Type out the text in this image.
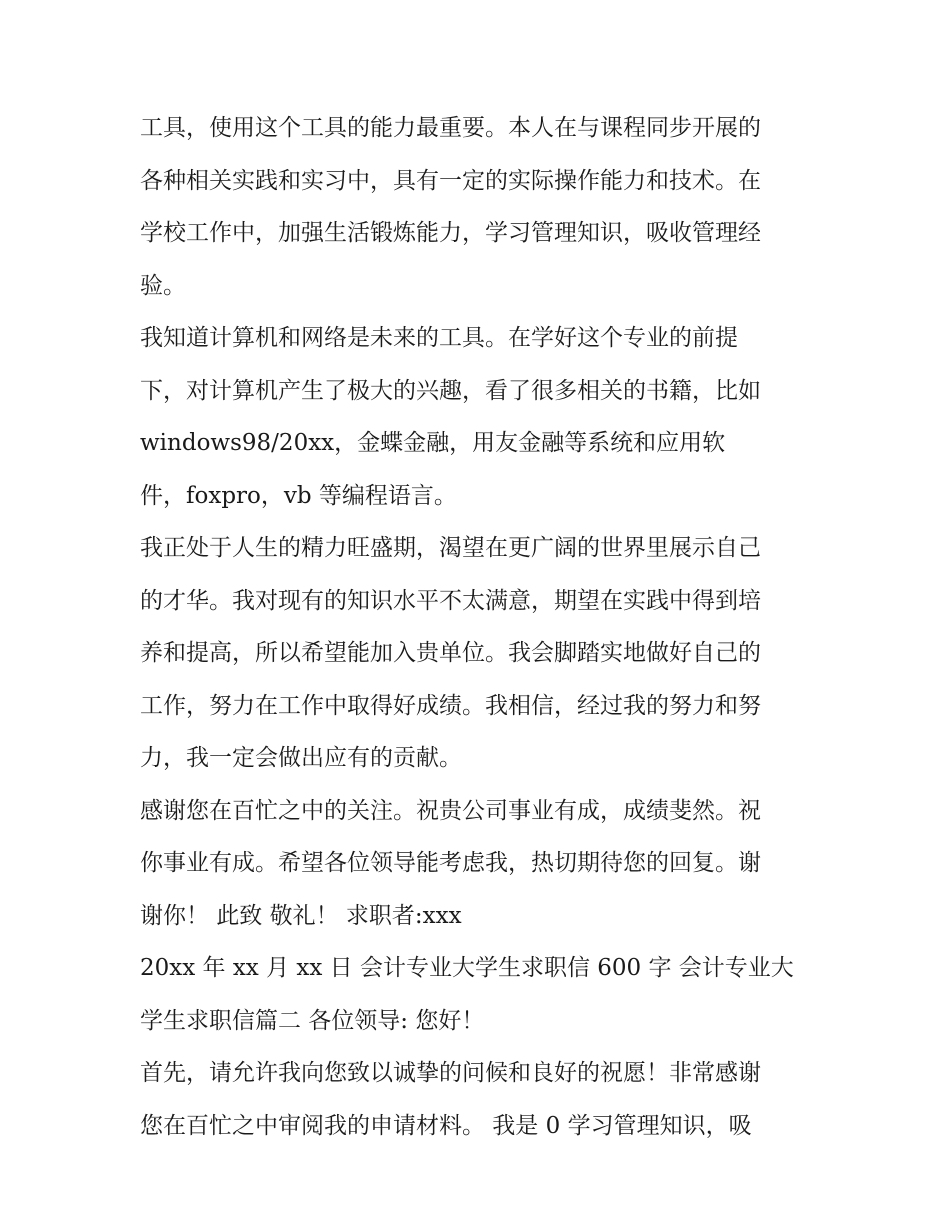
工具，使用这个工具的能力最重要。本人在与课程同步开展的
各种相关实践和实习中，具有一定的实际操作能力和技术。在
学校工作中，加强生活锻炼能力，学习管理知识，吸收管理经
验。
我知道计算机和网络是未来的工具。在学好这个专业的前提
下，对计算机产生了极大的兴趣，看了很多相关的书籍，比如
windows98/20xx，金蝶金融，用友金融等系统和应用软
件，foxpro，vb 等编程语言。
我正处于人生的精力旺盛期，渴望在更广阔的世界里展示自己
的才华。我对现有的知识水平不太满意，期望在实践中得到培
养和提高，所以希望能加入贵单位。我会脚踏实地做好自己的
工作，努力在工作中取得好成绩。我相信，经过我的努力和努
力，我一定会做出应有的贡献。
感谢您在百忙之中的关注。祝贵公司事业有成，成绩斐然。祝
你事业有成。希望各位领导能考虑我，热切期待您的回复。谢
谢你！ 此致 敬礼！ 求职者:xxx
20xx 年 xx 月 xx 日 会计专业大学生求职信 600 字 会计专业大
学生求职信篇二 各位领导: 您好！
首先，请允许我向您致以诚挚的问候和良好的祝愿！非常感谢
您在百忙之中审阅我的申请材料。 我是 0 学习管理知识，吸
